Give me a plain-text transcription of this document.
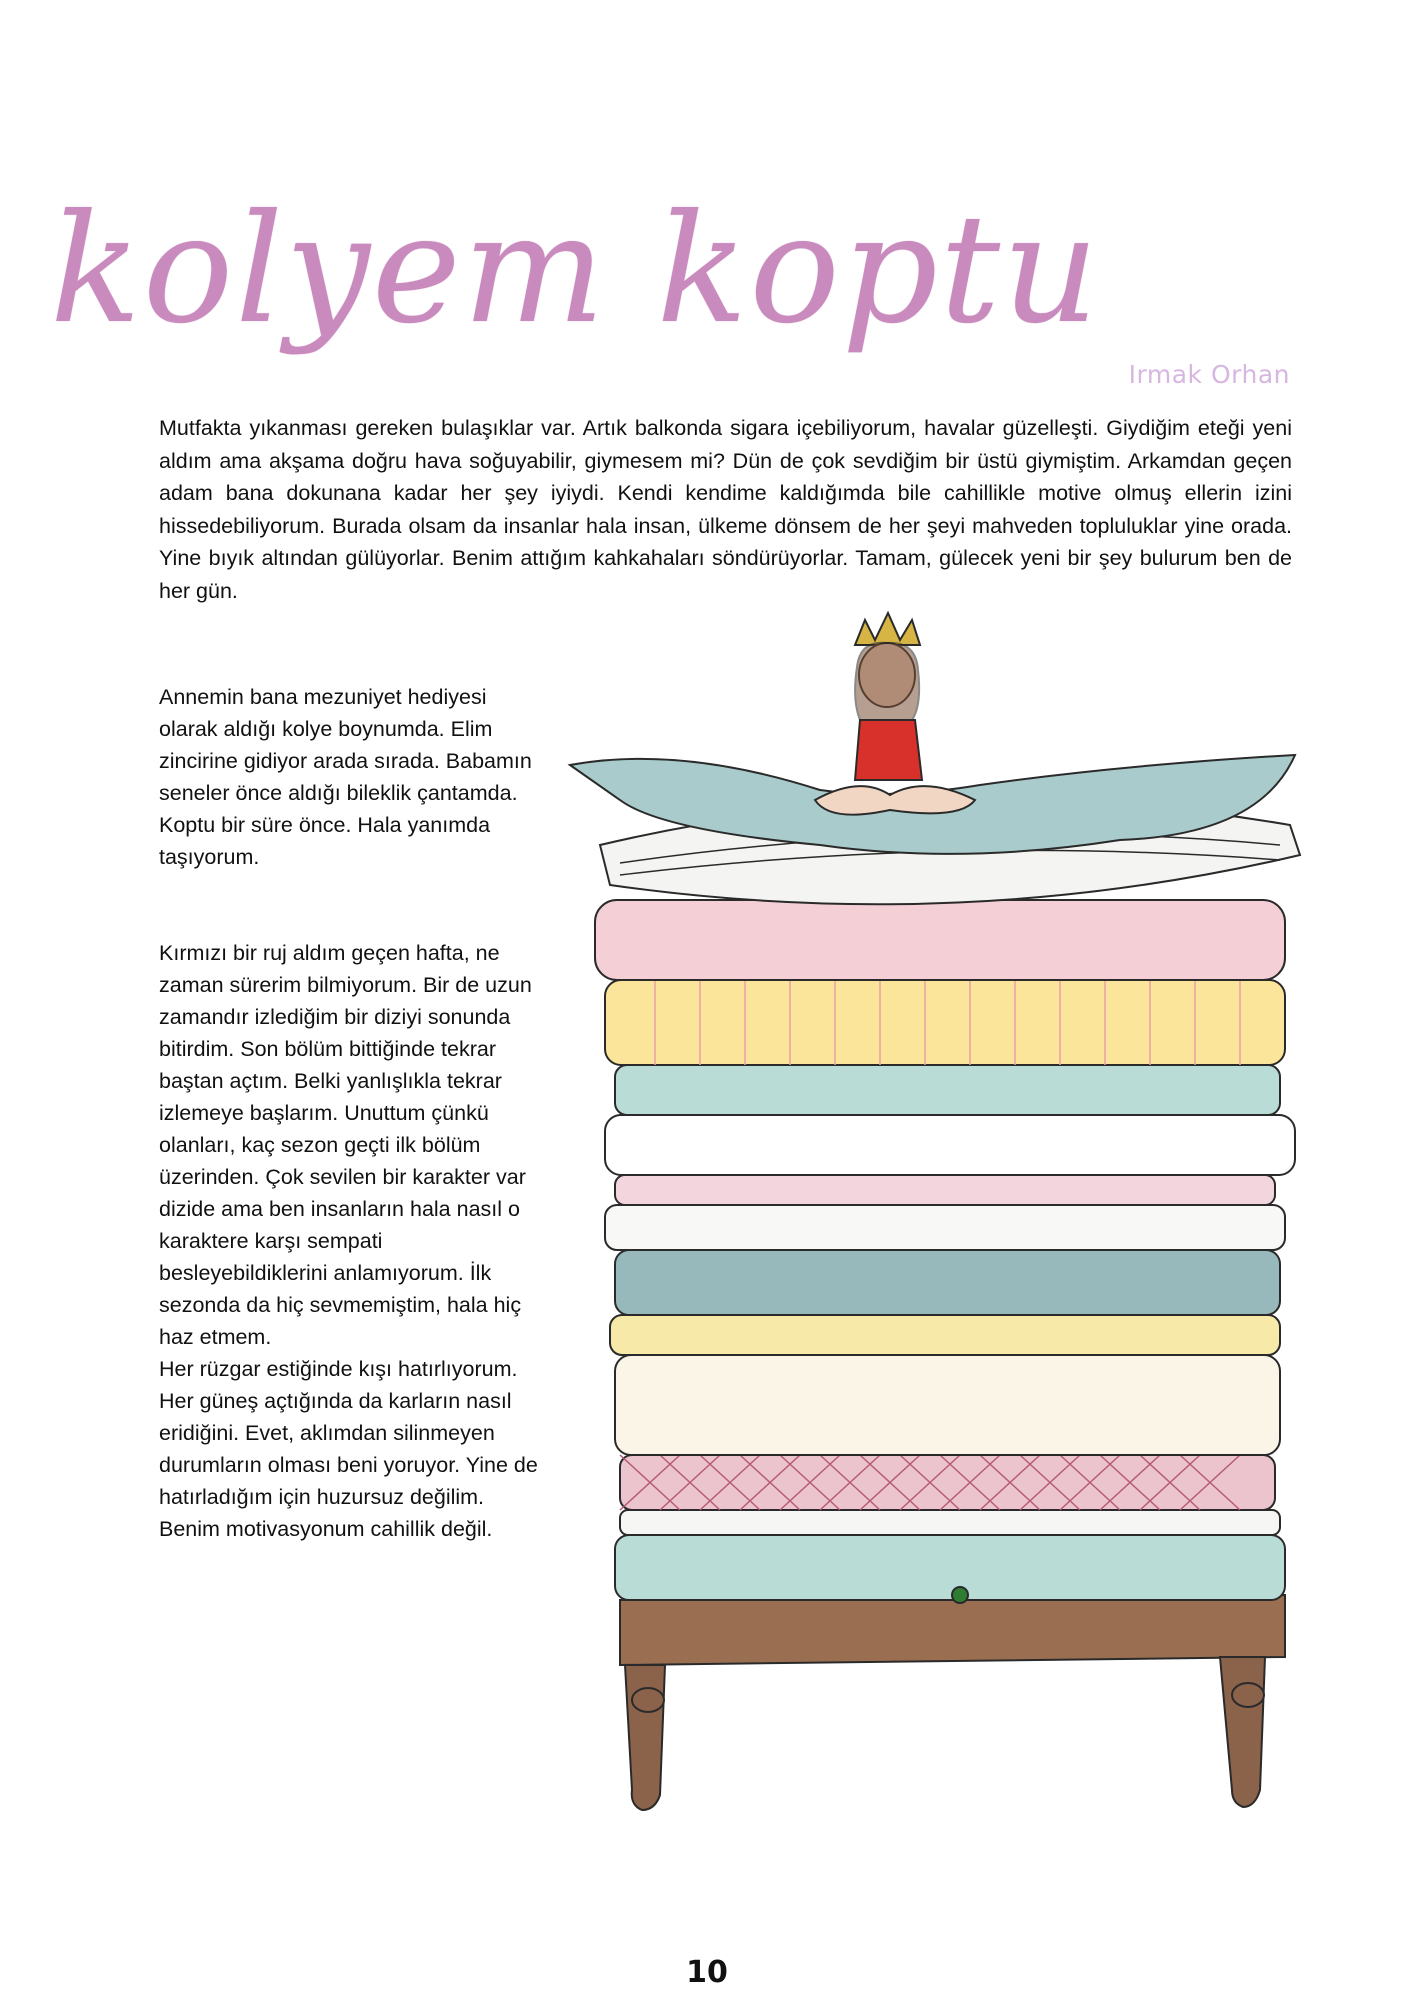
kolyem koptu
Irmak Orhan
Mutfakta yıkanması gereken bulaşıklar var. Artık balkonda sigara içebiliyorum, havalar güzelleşti. Giydiğim eteği yeni aldım ama akşama doğru hava soğuyabilir, giymesem mi? Dün de çok sevdiğim bir üstü giymiştim. Arkamdan geçen adam bana dokunana kadar her şey iyiydi. Kendi kendime kaldığımda bile cahillikle motive olmuş ellerin izini hissedebiliyorum. Burada olsam da insanlar hala insan, ülkeme dönsem de her şeyi mahveden topluluklar yine orada. Yine bıyık altından gülüyorlar. Benim attığım kahkahaları söndürüyorlar. Tamam, gülecek yeni bir şey bulurum ben de her gün.

Annemin bana mezuniyet hediyesi olarak aldığı kolye boynumda. Elim zincirine gidiyor arada sırada. Babamın seneler önce aldığı bileklik çantamda. Koptu bir süre önce. Hala yanımda taşıyorum.

Kırmızı bir ruj aldım geçen hafta, ne zaman sürerim bilmiyorum. Bir de uzun zamandır izlediğim bir diziyi sonunda bitirdim. Son bölüm bittiğinde tekrar baştan açtım. Belki yanlışlıkla tekrar izlemeye başlarım. Unuttum çünkü olanları, kaç sezon geçti ilk bölüm üzerinden. Çok sevilen bir karakter var dizide ama ben insanların hala nasıl o karaktere karşı sempati besleyebildiklerini anlamıyorum. İlk sezonda da hiç sevmemiştim, hala hiç haz etmem.

Her rüzgar estiğinde kışı hatırlıyorum. Her güneş açtığında da karların nasıl eridiğini. Evet, aklımdan silinmeyen durumların olması beni yoruyor. Yine de hatırladığım için huzursuz değilim. Benim motivasyonum cahillik değil.

10
